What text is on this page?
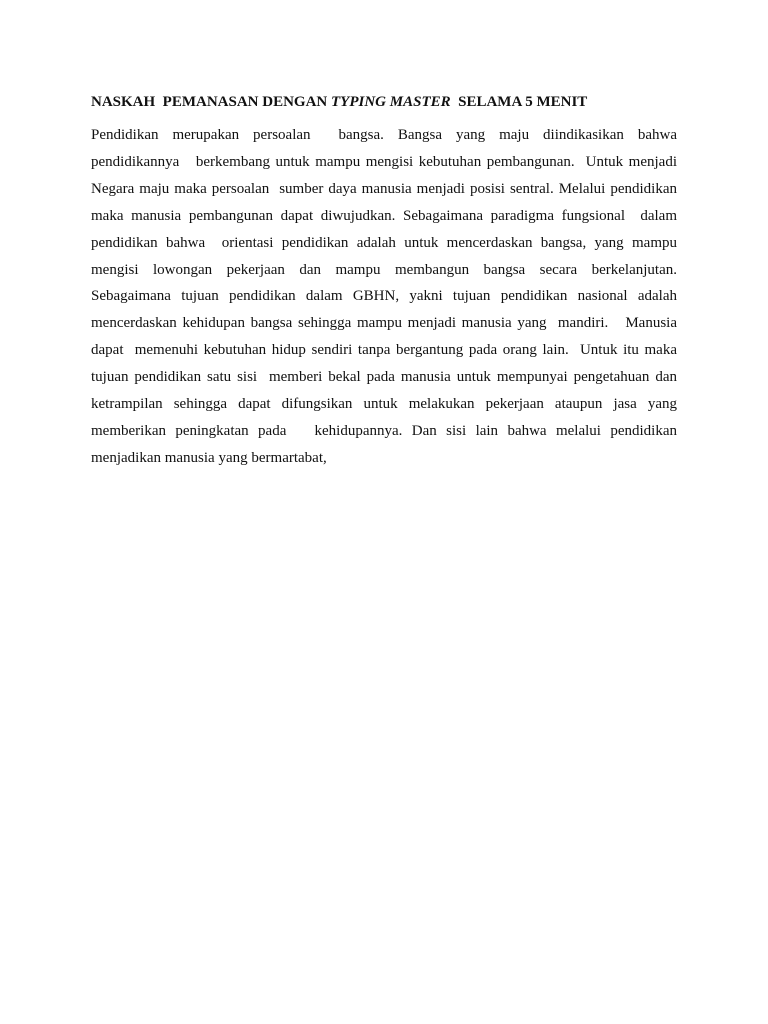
NASKAH  PEMANASAN DENGAN TYPING MASTER  SELAMA 5 MENIT

Pendidikan  merupakan  persoalan    bangsa.  Bangsa  yang  maju  diindikasikan  bahwa pendidikannya   berkembang untuk mampu mengisi kebutuhan pembangunan.  Untuk menjadi Negara maju maka persoalan  sumber daya manusia menjadi posisi sentral. Melalui pendidikan maka manusia pembangunan dapat diwujudkan. Sebagaimana paradigma fungsional  dalam pendidikan bahwa  orientasi pendidikan adalah untuk mencerdaskan bangsa, yang mampu mengisi  lowongan  pekerjaan  dan  mampu  membangun  bangsa  secara  berkelanjutan. Sebagaimana tujuan pendidikan dalam GBHN, yakni tujuan pendidikan nasional adalah mencerdaskan kehidupan bangsa sehingga mampu menjadi manusia yang  mandiri.   Manusia dapat  memenuhi kebutuhan hidup sendiri tanpa bergantung pada orang lain.  Untuk itu maka tujuan pendidikan satu sisi  memberi bekal pada manusia untuk mempunyai pengetahuan dan ketrampilan sehingga dapat difungsikan untuk melakukan pekerjaan ataupun jasa yang memberikan peningkatan pada   kehidupannya. Dan sisi lain bahwa melalui pendidikan menjadikan manusia yang bermartabat,
